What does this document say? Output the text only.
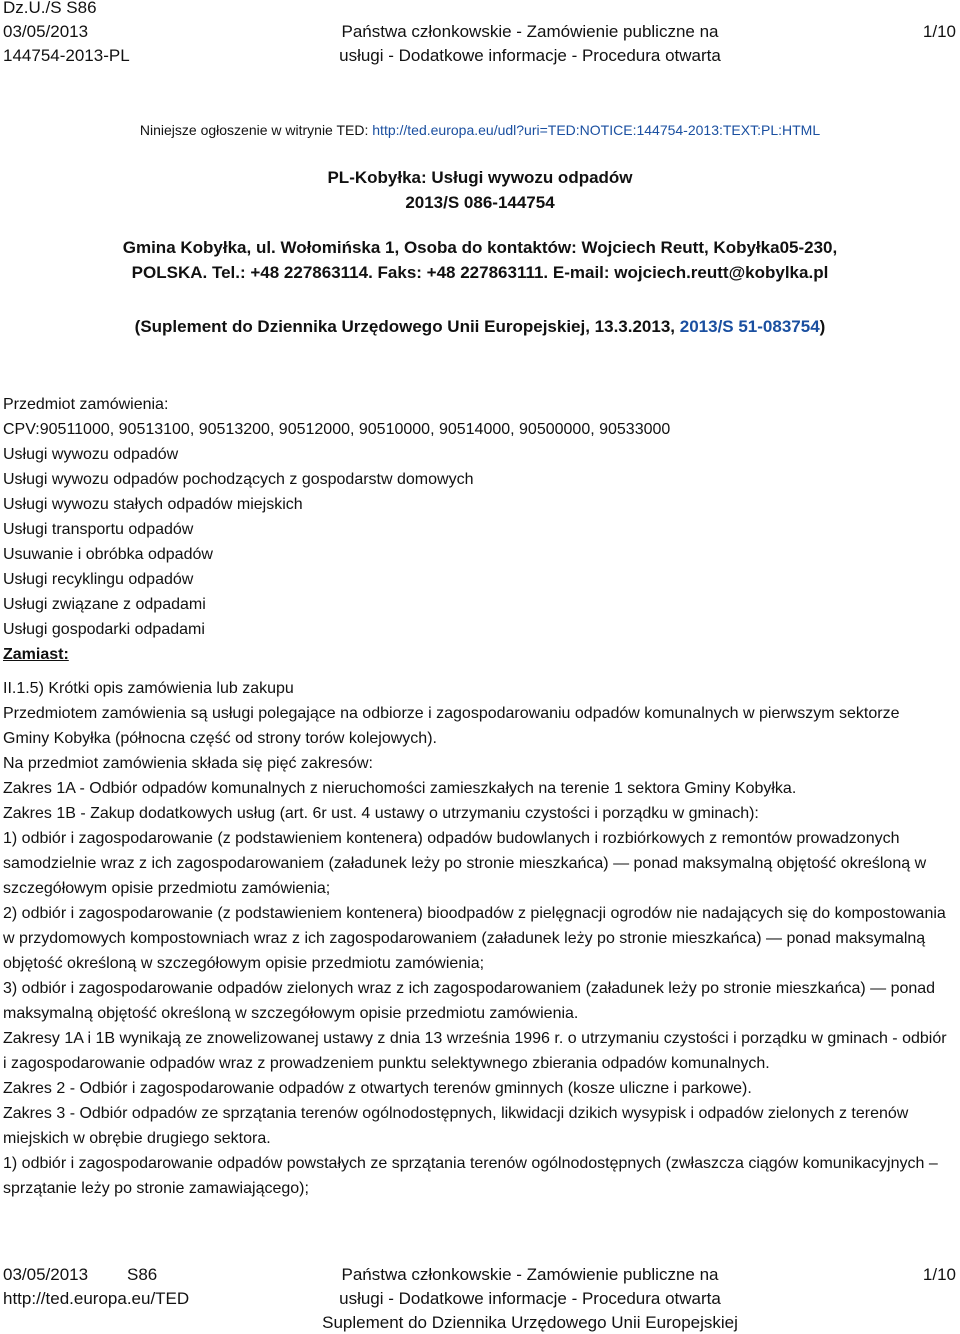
Dz.U./S S86
03/05/2013
144754-2013-PL
Państwa członkowskie - Zamówienie publiczne na
usługi - Dodatkowe informacje - Procedura otwarta
1/10
Niniejsze ogłoszenie w witrynie TED: http://ted.europa.eu/udl?uri=TED:NOTICE:144754-2013:TEXT:PL:HTML
PL-Kobyłka: Usługi wywozu odpadów
2013/S 086-144754
Gmina Kobyłka, ul. Wołomińska 1, Osoba do kontaktów: Wojciech Reutt, Kobyłka05-230,
POLSKA. Tel.: +48 227863114. Faks: +48 227863111. E-mail: wojciech.reutt@kobylka.pl
(Suplement do Dziennika Urzędowego Unii Europejskiej, 13.3.2013, 2013/S 51-083754)

Przedmiot zamówienia:

CPV:90511000, 90513100, 90513200, 90512000, 90510000, 90514000, 90500000, 90533000

Usługi wywozu odpadów

Usługi wywozu odpadów pochodzących z gospodarstw domowych

Usługi wywozu stałych odpadów miejskich

Usługi transportu odpadów

Usuwanie i obróbka odpadów

Usługi recyklingu odpadów

Usługi związane z odpadami

Usługi gospodarki odpadami

Zamiast:

II.1.5) Krótki opis zamówienia lub zakupu

Przedmiotem zamówienia są usługi polegające na odbiorze i zagospodarowaniu odpadów komunalnych w pierwszym sektorze Gminy Kobyłka (północna część od strony torów kolejowych).

Na przedmiot zamówienia składa się pięć zakresów:

Zakres 1A - Odbiór odpadów komunalnych z nieruchomości zamieszkałych na terenie 1 sektora Gminy Kobyłka.

Zakres 1B - Zakup dodatkowych usług (art. 6r ust. 4 ustawy o utrzymaniu czystości i porządku w gminach):

1) odbiór i zagospodarowanie (z podstawieniem kontenera) odpadów budowlanych i rozbiórkowych z remontów prowadzonych samodzielnie wraz z ich zagospodarowaniem (załadunek leży po stronie mieszkańca) — ponad maksymalną objętość określoną w szczegółowym opisie przedmiotu zamówienia;

2) odbiór i zagospodarowanie (z podstawieniem kontenera) bioodpadów z pielęgnacji ogrodów nie nadających się do kompostowania w przydomowych kompostowniach wraz z ich zagospodarowaniem (załadunek leży po stronie mieszkańca) — ponad maksymalną objętość określoną w szczegółowym opisie przedmiotu zamówienia;

3) odbiór i zagospodarowanie odpadów zielonych wraz z ich zagospodarowaniem (załadunek leży po stronie mieszkańca) — ponad maksymalną objętość określoną w szczegółowym opisie przedmiotu zamówienia.

Zakresy 1A i 1B wynikają ze znowelizowanej ustawy z dnia 13 września 1996 r. o utrzymaniu czystości i porządku w gminach - odbiór i zagospodarowanie odpadów wraz z prowadzeniem punktu selektywnego zbierania odpadów komunalnych.

Zakres 2 - Odbiór i zagospodarowanie odpadów z otwartych terenów gminnych (kosze uliczne i parkowe).

Zakres 3 - Odbiór odpadów ze sprzątania terenów ogólnodostępnych, likwidacji dzikich wysypisk i odpadów zielonych z terenów miejskich w obrębie drugiego sektora.

1) odbiór i zagospodarowanie odpadów powstałych ze sprzątania terenów ogólnodostępnych (zwłaszcza ciągów komunikacyjnych – sprzątanie leży po stronie zamawiającego);

03/05/2013 S86
http://ted.europa.eu/TED
Państwa członkowskie - Zamówienie publiczne na
usługi - Dodatkowe informacje - Procedura otwarta
Suplement do Dziennika Urzędowego Unii Europejskiej
1/10
